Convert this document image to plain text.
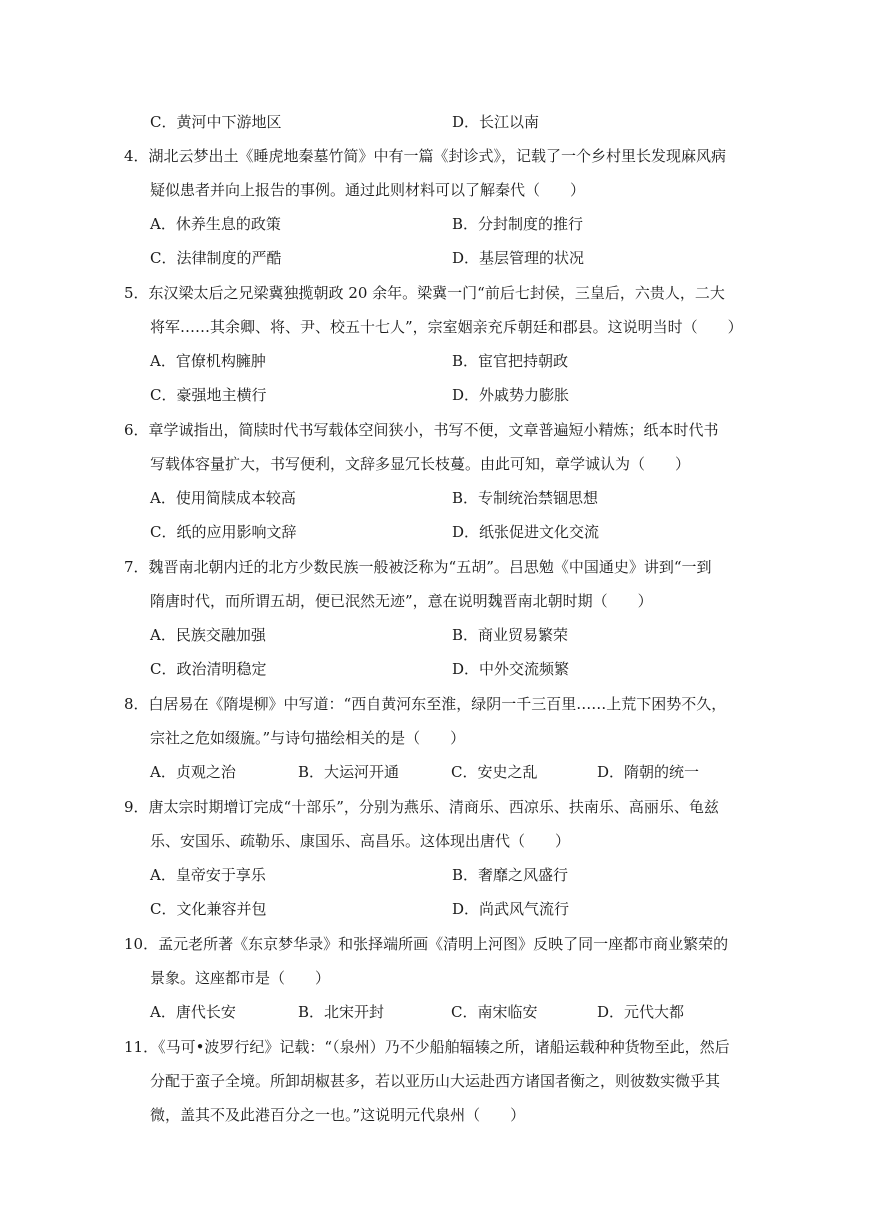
C．黄河中下游地区	D．长江以南
4．湖北云梦出土《睡虎地秦墓竹简》中有一篇《封诊式》，记载了一个乡村里长发现麻风病
疑似患者并向上报告的事例。通过此则材料可以了解秦代（　　）
A．休养生息的政策	B．分封制度的推行
C．法律制度的严酷	D．基层管理的状况
5．东汉梁太后之兄梁冀独揽朝政 20 余年。梁冀一门“前后七封侯，三皇后，六贵人，二大
将军……其余卿、将、尹、校五十七人”，宗室姻亲充斥朝廷和郡县。这说明当时（　　）
A．官僚机构臃肿	B．宦官把持朝政
C．豪强地主横行	D．外戚势力膨胀
6．章学诚指出，简牍时代书写载体空间狭小，书写不便，文章普遍短小精炼；纸本时代书
写载体容量扩大，书写便利，文辞多显冗长枝蔓。由此可知，章学诚认为（　　）
A．使用简牍成本较高	B．专制统治禁锢思想
C．纸的应用影响文辞	D．纸张促进文化交流
7．魏晋南北朝内迁的北方少数民族一般被泛称为“五胡”。吕思勉《中国通史》讲到“一到
隋唐时代，而所谓五胡，便已泯然无迹”，意在说明魏晋南北朝时期（　　）
A．民族交融加强	B．商业贸易繁荣
C．政治清明稳定	D．中外交流频繁
8．白居易在《隋堤柳》中写道：“西自黄河东至淮，绿阴一千三百里……上荒下困势不久，
宗社之危如缀旒。”与诗句描绘相关的是（　　）
A．贞观之治	B．大运河开通	C．安史之乱	D．隋朝的统一
9．唐太宗时期增订完成“十部乐”，分别为燕乐、清商乐、西凉乐、扶南乐、高丽乐、龟兹
乐、安国乐、疏勒乐、康国乐、高昌乐。这体现出唐代（　　）
A．皇帝安于享乐	B．奢靡之风盛行
C．文化兼容并包	D．尚武风气流行
10．孟元老所著《东京梦华录》和张择端所画《清明上河图》反映了同一座都市商业繁荣的
景象。这座都市是（　　）
A．唐代长安	B．北宋开封	C．南宋临安	D．元代大都
11．《马可•波罗行纪》记载：“（泉州）乃不少船舶辐辏之所，诸船运载种种货物至此，然后
分配于蛮子全境。所卸胡椒甚多，若以亚历山大运赴西方诸国者衡之，则彼数实微乎其
微，盖其不及此港百分之一也。”这说明元代泉州（　　）
